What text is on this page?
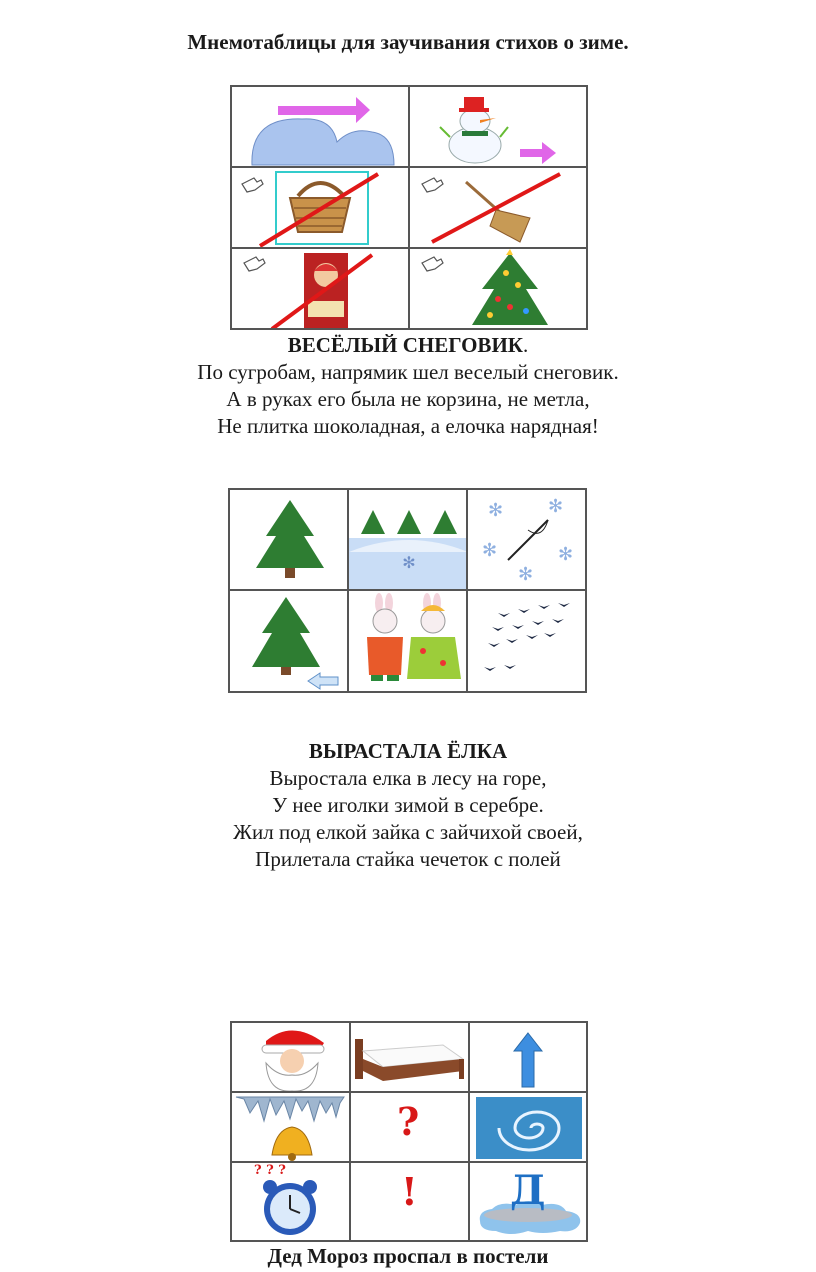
Мнемотаблицы для заучивания стихов о зиме.
ВЕСЁЛЫЙ СНЕГОВИК.
По сугробам, напрямик шел веселый снеговик.
А в руках его была не корзина, не метла,
Не плитка шоколадная, а елочка нарядная!
✻
✻ ✻
✻	✻
✻
ВЫРАСТАЛА ЁЛКА
Выростала елка в лесу на горе,
У нее иголки зимой в серебре.
Жил под елкой зайка с зайчихой своей,
Прилетала стайка чечеток с полей
?
? ? ?	! Д
Дед Мороз проспал в постели
